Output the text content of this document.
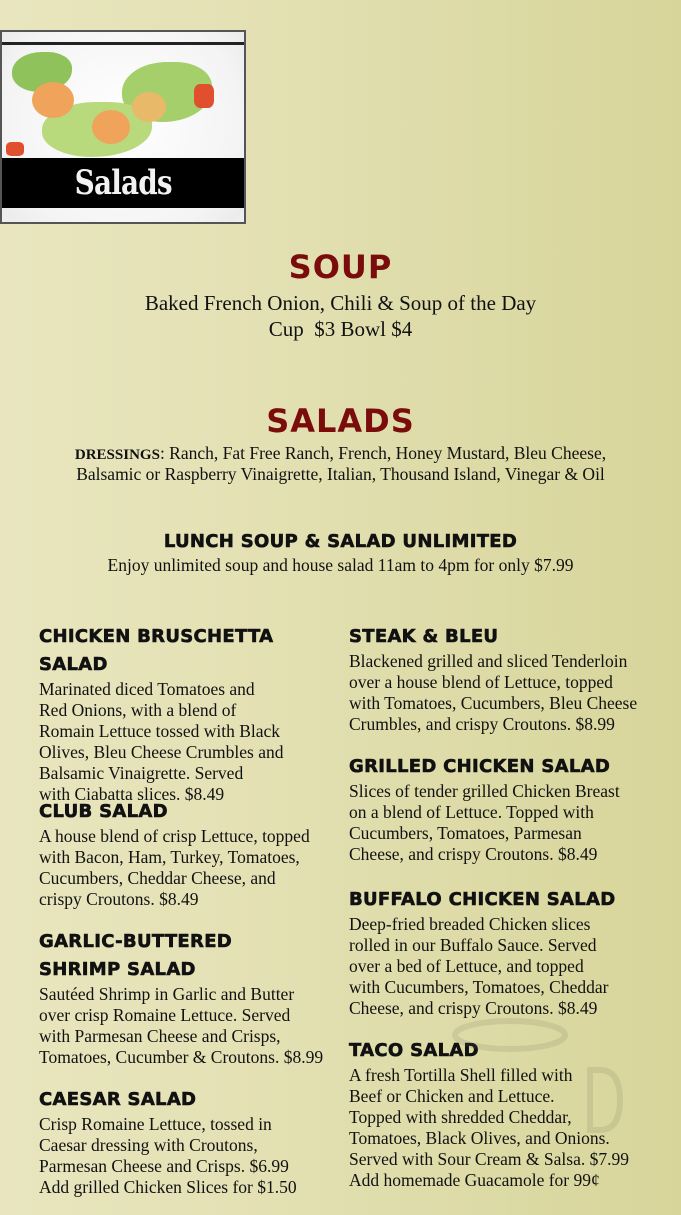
Salads
SOUP
Baked French Onion, Chili & Soup of the Day
Cup  $3 Bowl $4
SALADS
DRESSINGS: Ranch, Fat Free Ranch, French, Honey Mustard, Bleu Cheese,
Balsamic or Raspberry Vinaigrette, Italian, Thousand Island, Vinegar & Oil
LUNCH SOUP & SALAD UNLIMITED
Enjoy unlimited soup and house salad 11am to 4pm for only $7.99
CHICKEN BRUSCHETTA SALAD
Marinated diced Tomatoes and
Red Onions, with a blend of
Romain Lettuce tossed with Black
Olives, Bleu Cheese Crumbles and
Balsamic Vinaigrette. Served
with Ciabatta slices. $8.49
CLUB SALAD
A house blend of crisp Lettuce, topped
with Bacon, Ham, Turkey, Tomatoes,
Cucumbers, Cheddar Cheese, and
crispy Croutons. $8.49
GARLIC-BUTTERED
SHRIMP SALAD
Sautéed Shrimp in Garlic and Butter
over crisp Romaine Lettuce. Served
with Parmesan Cheese and Crisps,
Tomatoes, Cucumber & Croutons. $8.99
CAESAR SALAD
Crisp Romaine Lettuce, tossed in
Caesar dressing with Croutons,
Parmesan Cheese and Crisps. $6.99
Add grilled Chicken Slices for $1.50
STEAK & BLEU
Blackened grilled and sliced Tenderloin
over a house blend of Lettuce, topped
with Tomatoes, Cucumbers, Bleu Cheese
Crumbles, and crispy Croutons. $8.99
GRILLED CHICKEN SALAD
Slices of tender grilled Chicken Breast
on a blend of Lettuce. Topped with
Cucumbers, Tomatoes, Parmesan
Cheese, and crispy Croutons. $8.49
BUFFALO CHICKEN SALAD
Deep-fried breaded Chicken slices
rolled in our Buffalo Sauce. Served
over a bed of Lettuce, and topped
with Cucumbers, Tomatoes, Cheddar
Cheese, and crispy Croutons. $8.49
TACO SALAD
A fresh Tortilla Shell filled with
Beef or Chicken and Lettuce.
Topped with shredded Cheddar,
Tomatoes, Black Olives, and Onions.
Served with Sour Cream & Salsa. $7.99
Add homemade Guacamole for 99¢
